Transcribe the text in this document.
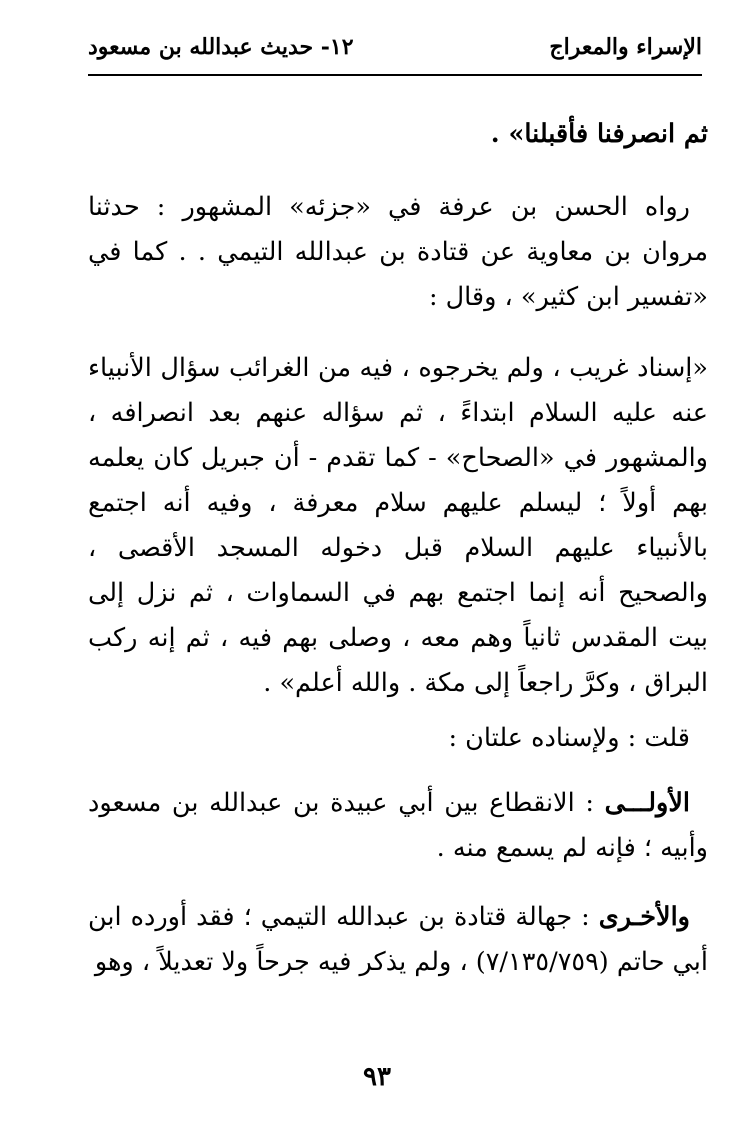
الإسراء والمعراج
١٢- حديث عبدالله بن مسعود

ثم انصرفنا فأقبلنا» .

رواه الحسن بن عرفة في «جزئه» المشهور : حدثنا مروان بن معاوية عن قتادة بن عبدالله التيمي . . كما في «تفسير ابن كثير» ، وقال :

«إسناد غريب ، ولم يخرجوه ، فيه من الغرائب سؤال الأنبياء عنه عليه السلام ابتداءً ، ثم سؤاله عنهم بعد انصرافه ، والمشهور في «الصحاح» - كما تقدم - أن جبريل كان يعلمه بهم أولاً ؛ ليسلم عليهم سلام معرفة ، وفيه أنه اجتمع بالأنبياء عليهم السلام قبل دخوله المسجد الأقصى ، والصحيح أنه إنما اجتمع بهم في السماوات ، ثم نزل إلى بيت المقدس ثانياً وهم معه ، وصلى بهم فيه ، ثم إنه ركب البراق ، وكرَّ راجعاً إلى مكة . والله أعلم» .

قلت : ولإسناده علتان :

الأولـــى : الانقطاع بين أبي عبيدة بن عبدالله بن مسعود وأبيه ؛ فإنه لم يسمع منه .

والأخـرى : جهالة قتادة بن عبدالله التيمي ؛ فقد أورده ابن أبي حاتم (٧/١٣٥/٧٥٩) ، ولم يذكر فيه جرحاً ولا تعديلاً ، وهو

٩٣
